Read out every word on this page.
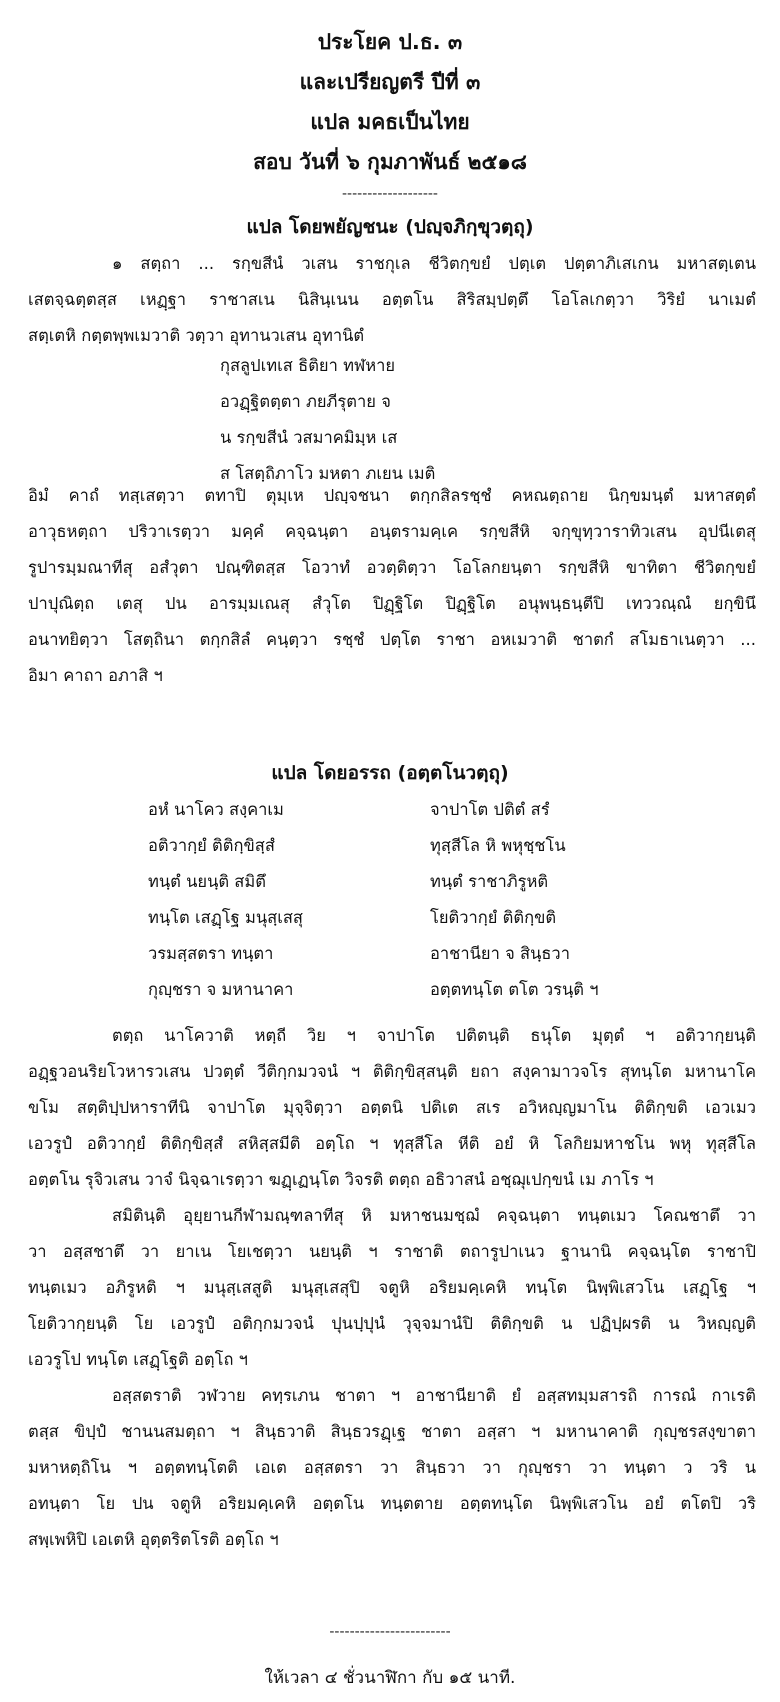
ประโยค ป.ธ. ๓
และเปรียญตรี ปีที่ ๓
แปล มคธเป็นไทย
สอบ วันที่ ๖ กุมภาพันธ์ ๒๕๑๘
-------------------
แปล โดยพยัญชนะ (ปญฺจภิกฺขุวตฺถุ)
๑ สตฺถา ... รกฺขสีนํ วเสน ราชกุเล ชีวิตกฺขยํ ปตฺเต ปตฺตาภิเสเกน มหาสตฺเตน
เสตจฺฉตฺตสฺส เหฏฺฐา ราชาสเน นิสินฺเนน อตฺตโน สิริสมฺปตฺตึ โอโลเกตฺวา วิริยํ นาเมตํ
สตฺเตหิ กตฺตพฺพเมวาติ วตฺวา อุทานวเสน อุทานิตํ
กุสลูปเทเส ธิติยา ทฬหาย
อวฏฺฐิตตฺตา ภยภีรุตาย จ
น รกฺขสีนํ วสมาคมิมฺห เส
ส โสตฺถิภาโว มหตา ภเยน เมติ
อิมํ คาถํ ทสฺเสตฺวา ตทาปิ ตุมฺเห ปญฺจชนา ตกฺกสิลรชฺชํ คหณตฺถาย นิกฺขมนฺตํ มหาสตฺตํ
อาวุธหตฺถา ปริวาเรตฺวา มคฺคํ คจฺฉนฺตา อนฺตรามคฺเค รกฺขสีหิ จกฺขุทฺวาราทิวเสน อุปนีเตสุ
รูปารมฺมณาทีสุ อสํวุตา ปณฺฑิตสฺส โอวาทํ อวตฺติตฺวา โอโลกยนฺตา รกฺขสีหิ ขาทิตา ชีวิตกฺขยํ
ปาปุณิตฺถ เตสุ ปน อารมฺมเณสุ สํวุโต ปิฏฺฐิโต ปิฏฺฐิโต อนุพนฺธนฺตีปิ เทววณฺณํ ยกฺขินึ
อนาทยิตฺวา โสตฺถินา ตกฺกสิลํ คนฺตฺวา รชฺชํ ปตฺโต ราชา อหเมวาติ ชาตกํ สโมธาเนตฺวา ...
อิมา คาถา อภาสิ ฯ
แปล โดยอรรถ (อตฺตโนวตฺถุ)
อหํ นาโคว สงฺคาเม	จาปาโต ปติตํ สรํ
อติวากฺยํ ติติกฺขิสฺสํ	ทุสฺสีโล หิ พหุชฺชโน
ทนฺตํ นยนฺติ สมิตึ	ทนฺตํ ราชาภิรูหติ
ทนฺโต เสฏฺโฐ มนุสฺเสสุ	โยติวากฺยํ ติติกฺขติ
วรมสฺสตรา ทนฺตา	อาชานียา จ สินฺธวา
กุญฺชรา จ มหานาคา	อตฺตทนฺโต ตโต วรนฺติ ฯ
ตตฺถ นาโควาติ หตฺถี วิย ฯ จาปาโต ปติตนฺติ ธนุโต มุตฺตํ ฯ อติวากฺยนฺติ
อฏฺฐวอนริยโวหารวเสน ปวตฺตํ วีติกฺกมวจนํ ฯ ติติกฺขิสฺสนฺติ ยถา สงฺคามาวจโร สุทนฺโต มหานาโค
ขโม สตฺติปฺปหาราทีนิ จาปาโต มุจฺจิตฺวา อตฺตนิ ปติเต สเร อวิหญฺญมาโน ติติกฺขติ เอวเมว
เอวรูปํ อติวากฺยํ ติติกฺขิสฺสํ สหิสฺสมีติ อตฺโถ ฯ ทุสฺสีโล หีติ อยํ หิ โลกิยมหาชโน พหุ ทุสฺสีโล
อตฺตโน รุจิวเสน วาจํ นิจฺฉาเรตฺวา ฆฏฺเฏนฺโต วิจรติ ตตฺถ อธิวาสนํ อชฺฌุเปกฺขนํ เม ภาโร ฯ
สมิตินฺติ อุยฺยานกีฬามณฺฑลาทีสุ หิ มหาชนมชฺฌํ คจฺฉนฺตา ทนฺตเมว โคณชาตึ วา
วา อสฺสชาตึ วา ยาเน โยเชตฺวา นยนฺติ ฯ ราชาติ ตถารูปาเนว ฐานานิ คจฺฉนฺโต ราชาปิ
ทนฺตเมว อภิรูหติ ฯ มนุสฺเสสูติ มนุสฺเสสุปิ จตูหิ อริยมคฺเคหิ ทนฺโต นิพฺพิเสวโน เสฏฺโฐ ฯ
โยติวากฺยนฺติ โย เอวรูปํ อติกฺกมวจนํ ปุนปฺปุนํ วุจฺจมานํปิ ติติกฺขติ น ปฏิปฺผรติ น วิหญฺญติ
เอวรูโป ทนฺโต เสฏฺโฐติ อตฺโถ ฯ
อสฺสตราติ วฬวาย คทฺรเภน ชาตา ฯ อาชานียาติ ยํ อสฺสทมฺมสารถิ การณํ กาเรติ
ตสฺส ขิปฺปํ ชานนสมตฺถา ฯ สินฺธวาติ สินฺธวรฏฺเฐ ชาตา อสฺสา ฯ มหานาคาติ กุญฺชรสงฺขาตา
มหาหตฺถิโน ฯ อตฺตทนฺโตติ เอเต อสฺสตรา วา สินฺธวา วา กุญฺชรา วา ทนฺตา ว วริ น
อทนฺตา โย ปน จตูหิ อริยมคฺเคหิ อตฺตโน ทนฺตตาย อตฺตทนฺโต นิพฺพิเสวโน อยํ ตโตปิ วริ
สพฺเพหิปิ เอเตหิ อุตฺตริตโรติ อตฺโถ ฯ
------------------------
ให้เวลา ๔ ชั่วนาฬิกา กับ ๑๕ นาที.
